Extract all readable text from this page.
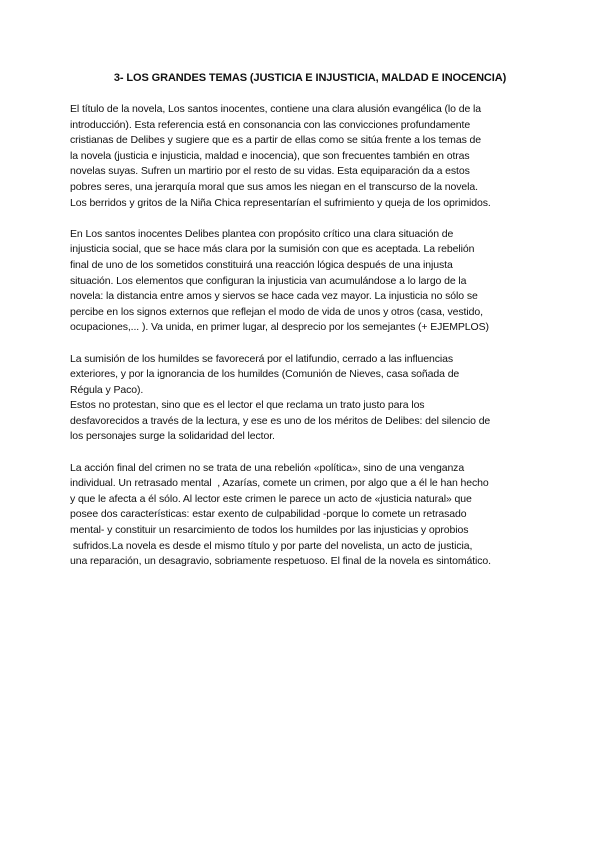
3- LOS GRANDES TEMAS (JUSTICIA E INJUSTICIA, MALDAD E INOCENCIA)

El título de la novela, Los santos inocentes, contiene una clara alusión evangélica (lo de la
introducción). Esta referencia está en consonancia con las convicciones profundamente
cristianas de Delibes y sugiere que es a partir de ellas como se sitúa frente a los temas de
la novela (justicia e injusticia, maldad e inocencia), que son frecuentes también en otras
novelas suyas. Sufren un martirio por el resto de su vidas. Esta equiparación da a estos
pobres seres, una jerarquía moral que sus amos les niegan en el transcurso de la novela.
Los berridos y gritos de la Niña Chica representarían el sufrimiento y queja de los oprimidos.

En Los santos inocentes Delibes plantea con propósito crítico una clara situación de
injusticia social, que se hace más clara por la sumisión con que es aceptada. La rebelión
final de uno de los sometidos constituirá una reacción lógica después de una injusta
situación. Los elementos que configuran la injusticia van acumulándose a lo largo de la
novela: la distancia entre amos y siervos se hace cada vez mayor. La injusticia no sólo se
percibe en los signos externos que reflejan el modo de vida de unos y otros (casa, vestido,
ocupaciones,... ). Va unida, en primer lugar, al desprecio por los semejantes (+ EJEMPLOS)

La sumisión de los humildes se favorecerá por el latifundio, cerrado a las influencias
exteriores, y por la ignorancia de los humildes (Comunión de Nieves, casa soñada de
Régula y Paco).
Estos no protestan, sino que es el lector el que reclama un trato justo para los
desfavorecidos a través de la lectura, y ese es uno de los méritos de Delibes: del silencio de
los personajes surge la solidaridad del lector.

La acción final del crimen no se trata de una rebelión «política», sino de una venganza
individual. Un retrasado mental  , Azarías, comete un crimen, por algo que a él le han hecho
y que le afecta a él sólo. Al lector este crimen le parece un acto de «justicia natural» que
posee dos características: estar exento de culpabilidad -porque lo comete un retrasado
mental- y constituir un resarcimiento de todos los humildes por las injusticias y oprobios
sufridos.La novela es desde el mismo título y por parte del novelista, un acto de justicia,
una reparación, un desagravio, sobriamente respetuoso. El final de la novela es sintomático.
